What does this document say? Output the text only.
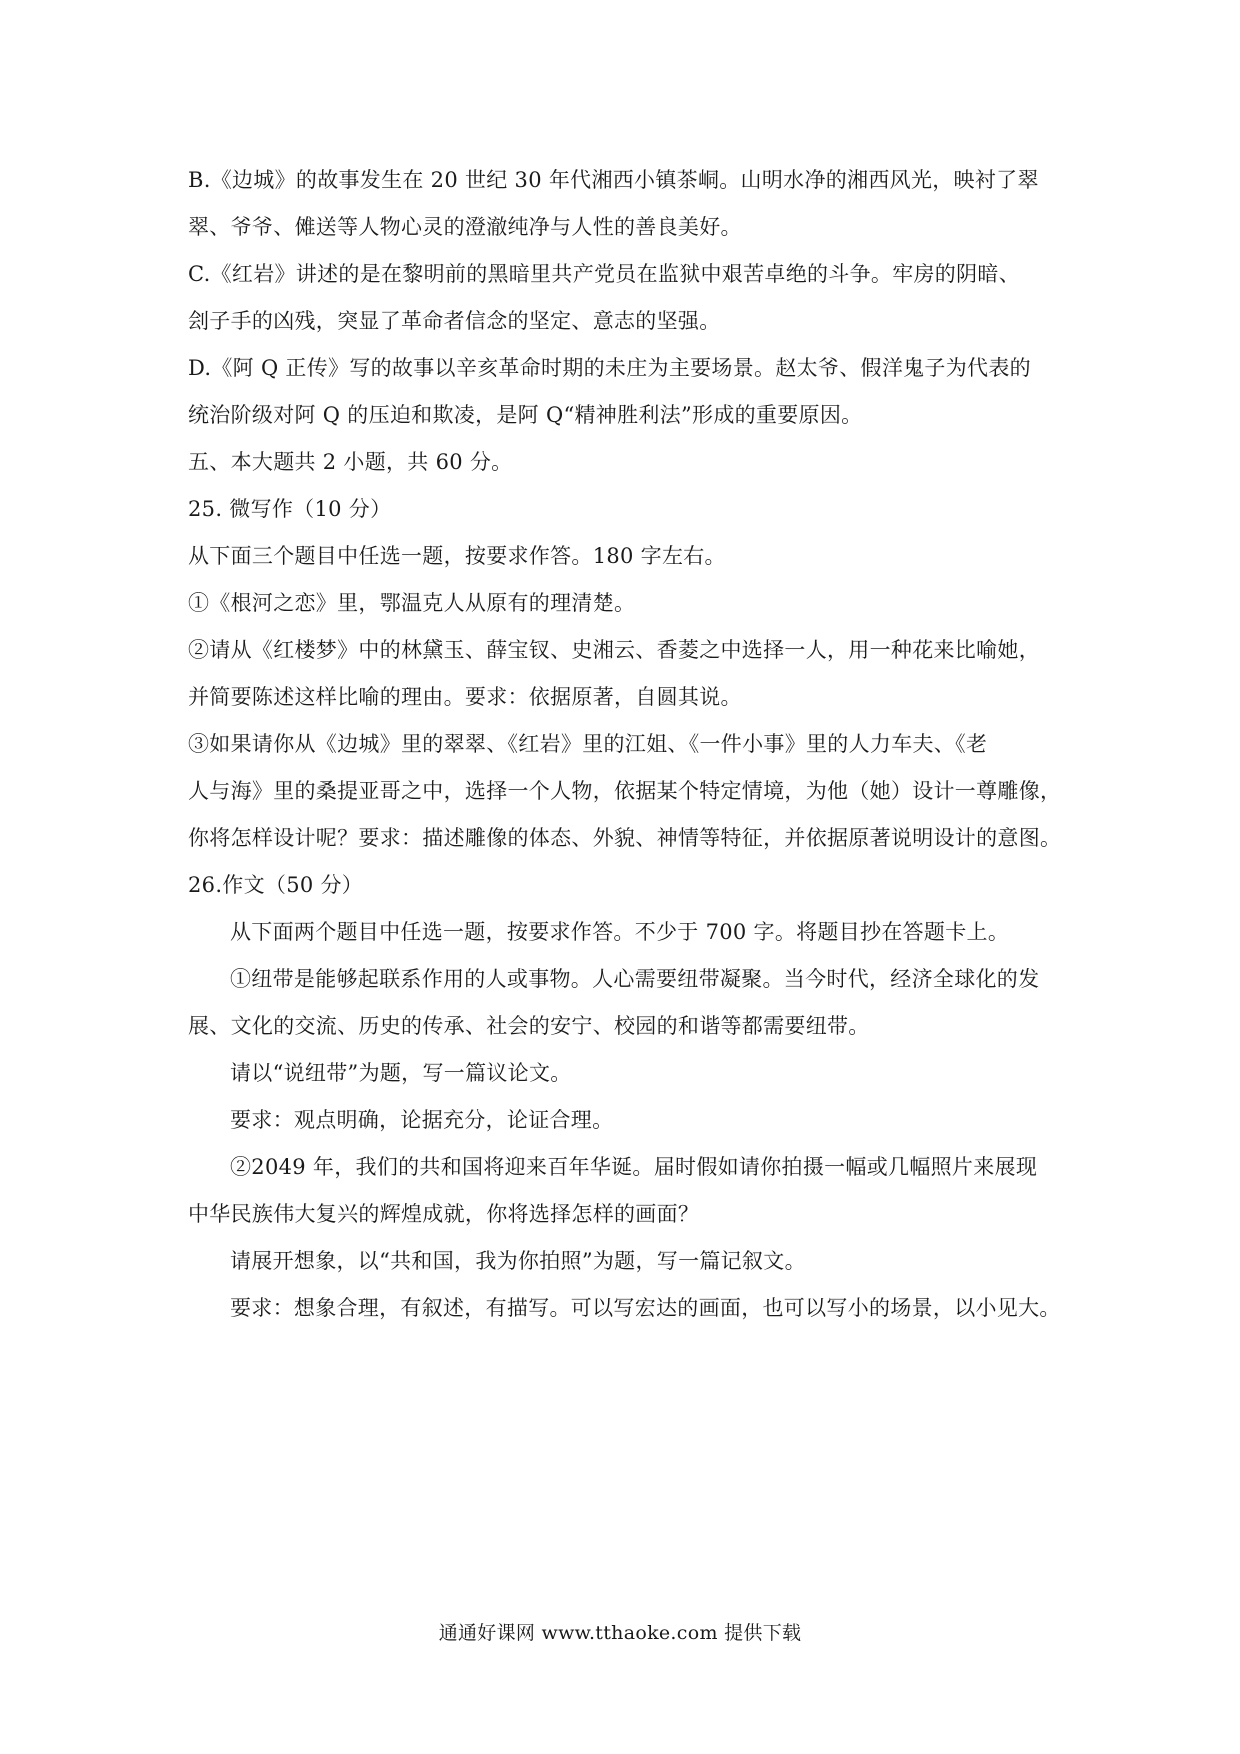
B.《边城》的故事发生在 20 世纪 30 年代湘西小镇茶峒。山明水净的湘西风光，映衬了翠
翠、爷爷、傩送等人物心灵的澄澈纯净与人性的善良美好。
C.《红岩》讲述的是在黎明前的黑暗里共产党员在监狱中艰苦卓绝的斗争。牢房的阴暗、
刽子手的凶残，突显了革命者信念的坚定、意志的坚强。
D.《阿 Q 正传》写的故事以辛亥革命时期的未庄为主要场景。赵太爷、假洋鬼子为代表的
统治阶级对阿 Q 的压迫和欺凌，是阿 Q“精神胜利法”形成的重要原因。
五、本大题共 2 小题，共 60 分。
25. 微写作（10 分）
从下面三个题目中任选一题，按要求作答。180 字左右。
①《根河之恋》里，鄂温克人从原有的理清楚。
②请从《红楼梦》中的林黛玉、薛宝钗、史湘云、香菱之中选择一人，用一种花来比喻她，
并简要陈述这样比喻的理由。要求：依据原著，自圆其说。
③如果请你从《边城》里的翠翠、《红岩》里的江姐、《一件小事》里的人力车夫、《老
人与海》里的桑提亚哥之中，选择一个人物，依据某个特定情境，为他（她）设计一尊雕像，
你将怎样设计呢？要求：描述雕像的体态、外貌、神情等特征，并依据原著说明设计的意图。
26.作文（50 分）
从下面两个题目中任选一题，按要求作答。不少于 700 字。将题目抄在答题卡上。
①纽带是能够起联系作用的人或事物。人心需要纽带凝聚。当今时代，经济全球化的发
展、文化的交流、历史的传承、社会的安宁、校园的和谐等都需要纽带。
请以“说纽带”为题，写一篇议论文。
要求：观点明确，论据充分，论证合理。
②2049 年，我们的共和国将迎来百年华诞。届时假如请你拍摄一幅或几幅照片来展现
中华民族伟大复兴的辉煌成就，你将选择怎样的画面？
请展开想象，以“共和国，我为你拍照”为题，写一篇记叙文。
要求：想象合理，有叙述，有描写。可以写宏达的画面，也可以写小的场景，以小见大。
通通好课网 www.tthaoke.com 提供下载
